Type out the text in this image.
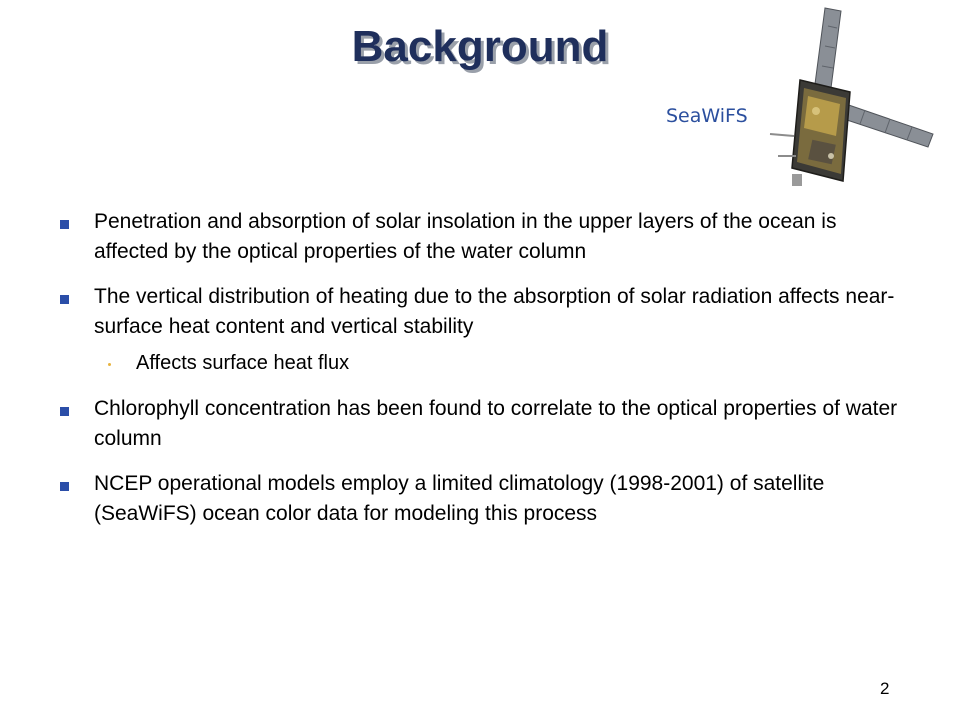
Background
SeaWiFS
Penetration and absorption of solar insolation in the upper layers of the ocean is affected by the optical properties of the water column
The vertical distribution of heating due to the absorption of solar radiation affects near-surface heat content and vertical stability
Affects surface heat flux
Chlorophyll concentration has been found to correlate to the optical properties of water column
NCEP operational models employ a limited climatology (1998-2001) of satellite (SeaWiFS) ocean color data for modeling this process
2
